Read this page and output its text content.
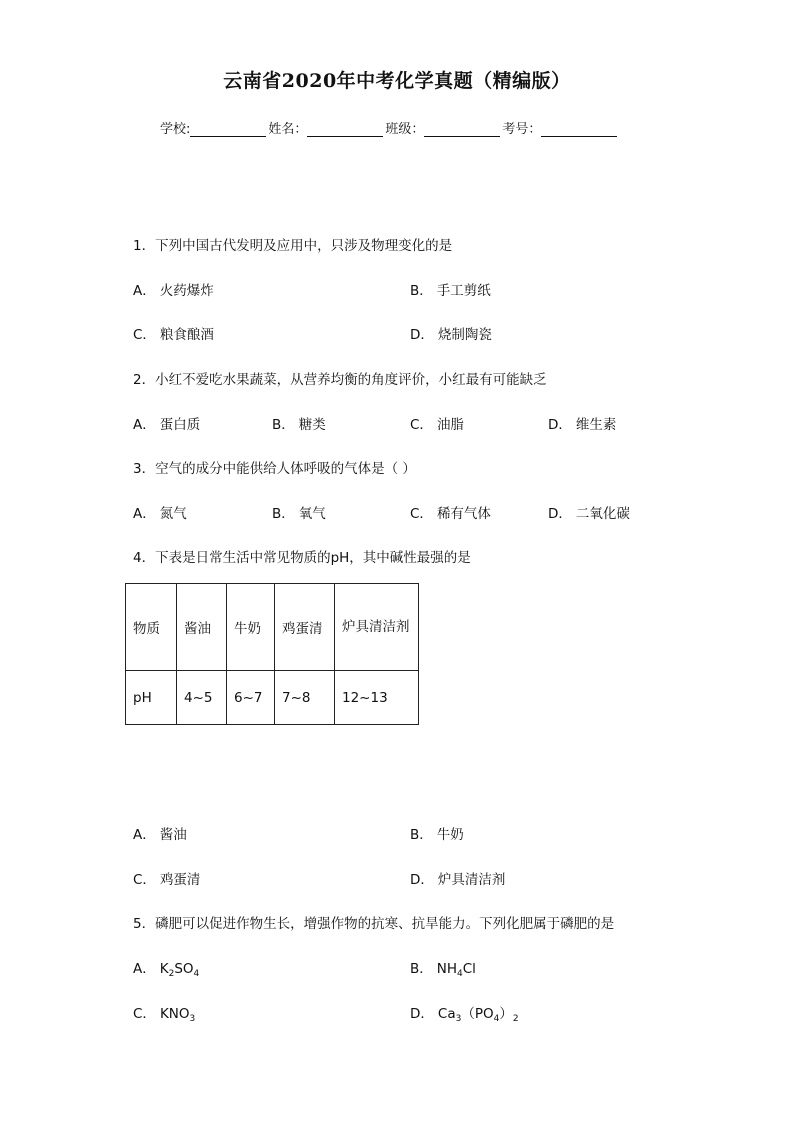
云南省2020年中考化学真题（精编版）
学校:	姓名：	班级：	考号：
1．下列中国古代发明及应用中，只涉及物理变化的是
A． 火药爆炸	B． 手工剪纸
C． 粮食酿酒	D． 烧制陶瓷
2．小红不爱吃水果蔬菜，从营养均衡的角度评价，小红最有可能缺乏
A． 蛋白质	B． 糖类	C． 油脂	D． 维生素
3．空气的成分中能供给人体呼吸的气体是（ ）
A． 氮气	B． 氧气	C． 稀有气体	D． 二氧化碳
4．下表是日常生活中常见物质的pH，其中碱性最强的是
物质	酱油	牛奶	鸡蛋清	炉具清洁剂
pH	4~5	6~7	7~8	12~13
A． 酱油	B． 牛奶
C． 鸡蛋清	D． 炉具清洁剂
5．磷肥可以促进作物生长，增强作物的抗寒、抗旱能力。下列化肥属于磷肥的是
A． $K_2SO_4$	B． $NH_4Cl$
C． $KNO_3$	D． $Ca_3(PO_4)_2$
